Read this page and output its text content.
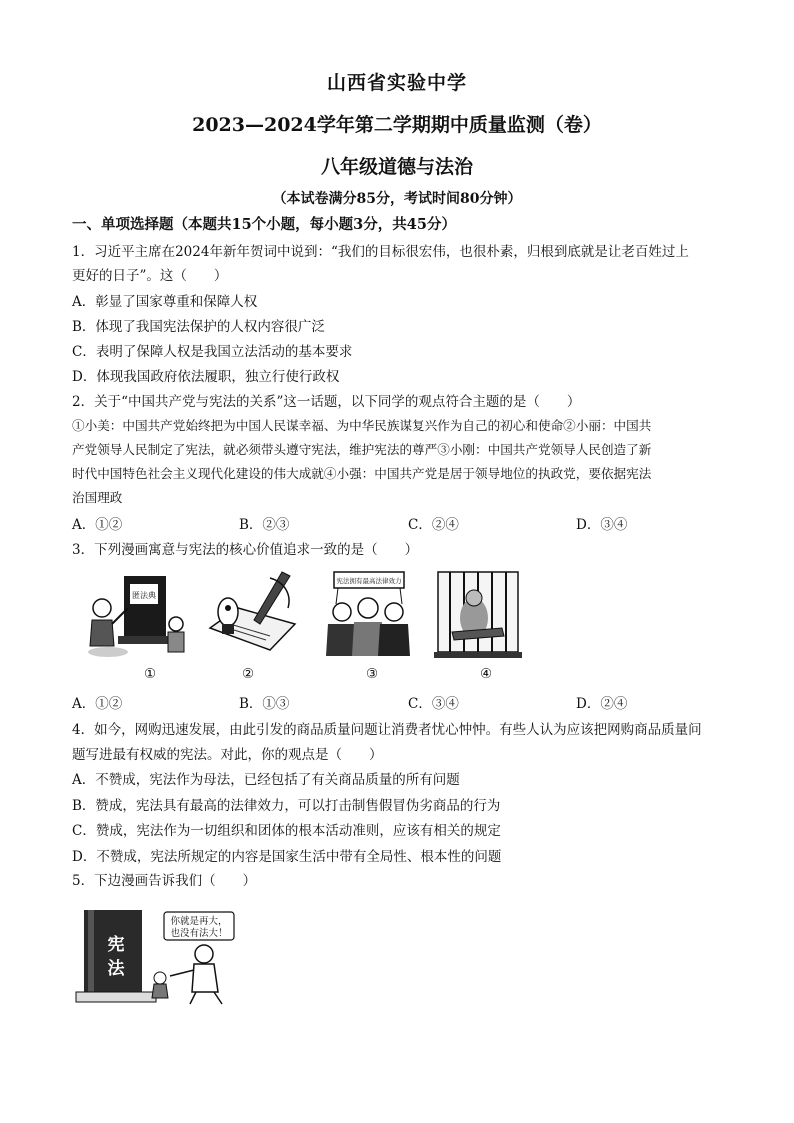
山西省实验中学
2023—2024学年第二学期期中质量监测（卷）
八年级道德与法治
（本试卷满分85分，考试时间80分钟）
一、单项选择题（本题共15个小题，每小题3分，共45分）
1．习近平主席在2024年新年贺词中说到：“我们的目标很宏伟，也很朴素，归根到底就是让老百姓过上
更好的日子”。这（　　）
A．彰显了国家尊重和保障人权
B．体现了我国宪法保护的人权内容很广泛
C．表明了保障人权是我国立法活动的基本要求
D．体现我国政府依法履职，独立行使行政权
2．关于“中国共产党与宪法的关系”这一话题，以下同学的观点符合主题的是（　　）
①小美：中国共产党始终把为中国人民谋幸福、为中华民族谋复兴作为自己的初心和使命②小丽：中国共
产党领导人民制定了宪法，就必须带头遵守宪法，维护宪法的尊严③小刚：中国共产党领导人民创造了新
时代中国特色社会主义现代化建设的伟大成就④小强：中国共产党是居于领导地位的执政党，要依据宪法
治国理政
A．①②	B．②③	C．②④	D．③④
3．下列漫画寓意与宪法的核心价值追求一致的是（　　）
匿法典
宪法拥有最高法律效力
①	②	③	④
A．①②	B．①③	C．③④	D．②④
4．如今，网购迅速发展，由此引发的商品质量问题让消费者忧心忡忡。有些人认为应该把网购商品质量问
题写进最有权威的宪法。对此，你的观点是（　　）
A．不赞成，宪法作为母法，已经包括了有关商品质量的所有问题
B．赞成，宪法具有最高的法律效力，可以打击制售假冒伪劣商品的行为
C．赞成，宪法作为一切组织和团体的根本活动准则，应该有相关的规定
D．不赞成，宪法所规定的内容是国家生活中带有全局性、根本性的问题
5．下边漫画告诉我们（　　）
宪
法
你就是再大，
也没有法大！
